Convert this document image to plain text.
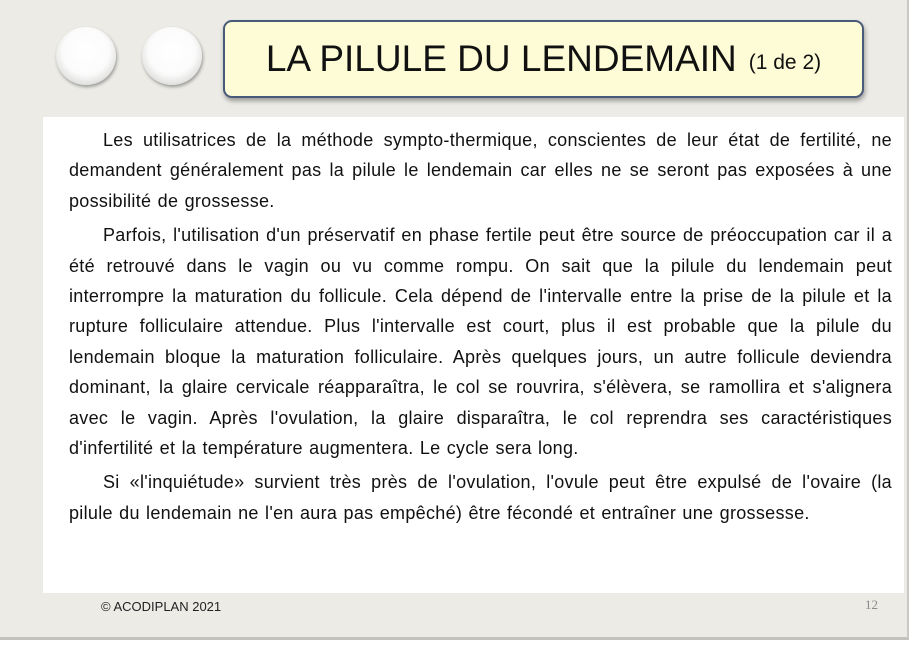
LA PILULE DU LENDEMAIN (1 de 2)

Les utilisatrices de la méthode sympto-thermique, conscientes de leur état de fertilité, ne demandent généralement pas la pilule le lendemain car elles ne se seront pas exposées à une possibilité de grossesse.

Parfois, l'utilisation d'un préservatif en phase fertile peut être source de préoccupation car il a été retrouvé dans le vagin ou vu comme rompu. On sait que la pilule du lendemain peut interrompre la maturation du follicule. Cela dépend de l'intervalle entre la prise de la pilule et la rupture folliculaire attendue. Plus l'intervalle est court, plus il est probable que la pilule du lendemain bloque la maturation folliculaire. Après quelques jours, un autre follicule deviendra dominant, la glaire cervicale réapparaîtra, le col se rouvrira, s'élèvera, se ramollira et s'alignera avec le vagin. Après l'ovulation, la glaire disparaîtra, le col reprendra ses caractéristiques d'infertilité et la température augmentera. Le cycle sera long.

Si «l'inquiétude» survient très près de l'ovulation, l'ovule peut être expulsé de l'ovaire (la pilule du lendemain ne l'en aura pas empêché) être fécondé et entraîner une grossesse.

© ACODIPLAN 2021	12
